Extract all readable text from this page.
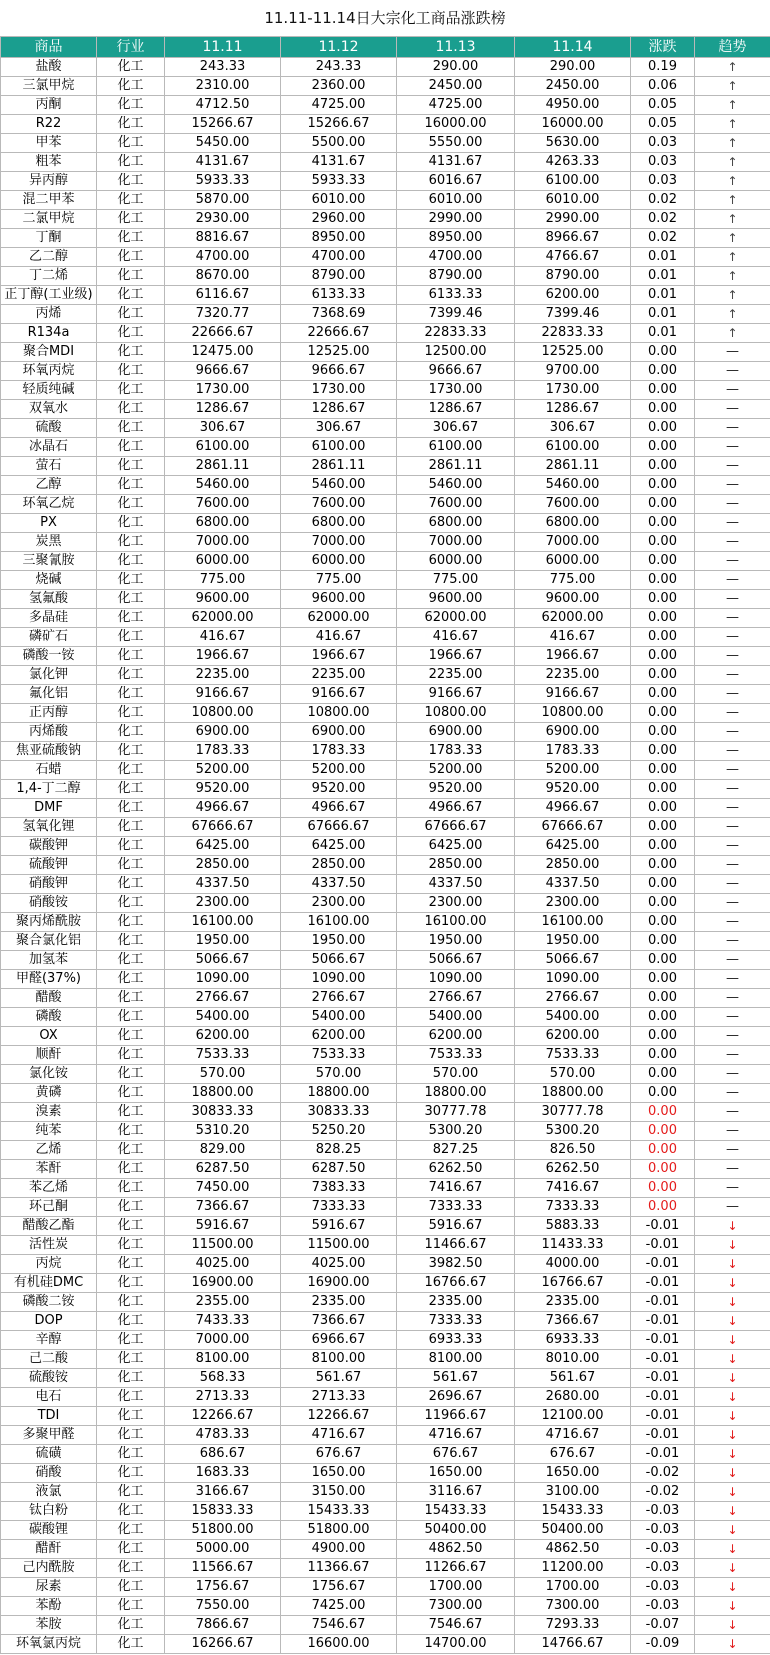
11.11-11.14日大宗化工商品涨跌榜
商品	行业	11.11	11.12	11.13	11.14	涨跌	趋势
盐酸	化工	243.33	243.33	290.00	290.00	0.19	↑
三氯甲烷	化工	2310.00	2360.00	2450.00	2450.00	0.06	↑
丙酮	化工	4712.50	4725.00	4725.00	4950.00	0.05	↑
R22	化工	15266.67	15266.67	16000.00	16000.00	0.05	↑
甲苯	化工	5450.00	5500.00	5550.00	5630.00	0.03	↑
粗苯	化工	4131.67	4131.67	4131.67	4263.33	0.03	↑
异丙醇	化工	5933.33	5933.33	6016.67	6100.00	0.03	↑
混二甲苯	化工	5870.00	6010.00	6010.00	6010.00	0.02	↑
二氯甲烷	化工	2930.00	2960.00	2990.00	2990.00	0.02	↑
丁酮	化工	8816.67	8950.00	8950.00	8966.67	0.02	↑
乙二醇	化工	4700.00	4700.00	4700.00	4766.67	0.01	↑
丁二烯	化工	8670.00	8790.00	8790.00	8790.00	0.01	↑
正丁醇(工业级)	化工	6116.67	6133.33	6133.33	6200.00	0.01	↑
丙烯	化工	7320.77	7368.69	7399.46	7399.46	0.01	↑
R134a	化工	22666.67	22666.67	22833.33	22833.33	0.01	↑
聚合MDI	化工	12475.00	12525.00	12500.00	12525.00	0.00	—
环氧丙烷	化工	9666.67	9666.67	9666.67	9700.00	0.00	—
轻质纯碱	化工	1730.00	1730.00	1730.00	1730.00	0.00	—
双氧水	化工	1286.67	1286.67	1286.67	1286.67	0.00	—
硫酸	化工	306.67	306.67	306.67	306.67	0.00	—
冰晶石	化工	6100.00	6100.00	6100.00	6100.00	0.00	—
萤石	化工	2861.11	2861.11	2861.11	2861.11	0.00	—
乙醇	化工	5460.00	5460.00	5460.00	5460.00	0.00	—
环氧乙烷	化工	7600.00	7600.00	7600.00	7600.00	0.00	—
PX	化工	6800.00	6800.00	6800.00	6800.00	0.00	—
炭黑	化工	7000.00	7000.00	7000.00	7000.00	0.00	—
三聚氰胺	化工	6000.00	6000.00	6000.00	6000.00	0.00	—
烧碱	化工	775.00	775.00	775.00	775.00	0.00	—
氢氟酸	化工	9600.00	9600.00	9600.00	9600.00	0.00	—
多晶硅	化工	62000.00	62000.00	62000.00	62000.00	0.00	—
磷矿石	化工	416.67	416.67	416.67	416.67	0.00	—
磷酸一铵	化工	1966.67	1966.67	1966.67	1966.67	0.00	—
氯化钾	化工	2235.00	2235.00	2235.00	2235.00	0.00	—
氟化铝	化工	9166.67	9166.67	9166.67	9166.67	0.00	—
正丙醇	化工	10800.00	10800.00	10800.00	10800.00	0.00	—
丙烯酸	化工	6900.00	6900.00	6900.00	6900.00	0.00	—
焦亚硫酸钠	化工	1783.33	1783.33	1783.33	1783.33	0.00	—
石蜡	化工	5200.00	5200.00	5200.00	5200.00	0.00	—
1,4-丁二醇	化工	9520.00	9520.00	9520.00	9520.00	0.00	—
DMF	化工	4966.67	4966.67	4966.67	4966.67	0.00	—
氢氧化锂	化工	67666.67	67666.67	67666.67	67666.67	0.00	—
碳酸钾	化工	6425.00	6425.00	6425.00	6425.00	0.00	—
硫酸钾	化工	2850.00	2850.00	2850.00	2850.00	0.00	—
硝酸钾	化工	4337.50	4337.50	4337.50	4337.50	0.00	—
硝酸铵	化工	2300.00	2300.00	2300.00	2300.00	0.00	—
聚丙烯酰胺	化工	16100.00	16100.00	16100.00	16100.00	0.00	—
聚合氯化铝	化工	1950.00	1950.00	1950.00	1950.00	0.00	—
加氢苯	化工	5066.67	5066.67	5066.67	5066.67	0.00	—
甲醛(37%)	化工	1090.00	1090.00	1090.00	1090.00	0.00	—
醋酸	化工	2766.67	2766.67	2766.67	2766.67	0.00	—
磷酸	化工	5400.00	5400.00	5400.00	5400.00	0.00	—
OX	化工	6200.00	6200.00	6200.00	6200.00	0.00	—
顺酐	化工	7533.33	7533.33	7533.33	7533.33	0.00	—
氯化铵	化工	570.00	570.00	570.00	570.00	0.00	—
黄磷	化工	18800.00	18800.00	18800.00	18800.00	0.00	—
溴素	化工	30833.33	30833.33	30777.78	30777.78	0.00	—
纯苯	化工	5310.20	5250.20	5300.20	5300.20	0.00	—
乙烯	化工	829.00	828.25	827.25	826.50	0.00	—
苯酐	化工	6287.50	6287.50	6262.50	6262.50	0.00	—
苯乙烯	化工	7450.00	7383.33	7416.67	7416.67	0.00	—
环己酮	化工	7366.67	7333.33	7333.33	7333.33	0.00	—
醋酸乙酯	化工	5916.67	5916.67	5916.67	5883.33	-0.01	↓
活性炭	化工	11500.00	11500.00	11466.67	11433.33	-0.01	↓
丙烷	化工	4025.00	4025.00	3982.50	4000.00	-0.01	↓
有机硅DMC	化工	16900.00	16900.00	16766.67	16766.67	-0.01	↓
磷酸二铵	化工	2355.00	2335.00	2335.00	2335.00	-0.01	↓
DOP	化工	7433.33	7366.67	7333.33	7366.67	-0.01	↓
辛醇	化工	7000.00	6966.67	6933.33	6933.33	-0.01	↓
己二酸	化工	8100.00	8100.00	8100.00	8010.00	-0.01	↓
硫酸铵	化工	568.33	561.67	561.67	561.67	-0.01	↓
电石	化工	2713.33	2713.33	2696.67	2680.00	-0.01	↓
TDI	化工	12266.67	12266.67	11966.67	12100.00	-0.01	↓
多聚甲醛	化工	4783.33	4716.67	4716.67	4716.67	-0.01	↓
硫磺	化工	686.67	676.67	676.67	676.67	-0.01	↓
硝酸	化工	1683.33	1650.00	1650.00	1650.00	-0.02	↓
液氯	化工	3166.67	3150.00	3116.67	3100.00	-0.02	↓
钛白粉	化工	15833.33	15433.33	15433.33	15433.33	-0.03	↓
碳酸锂	化工	51800.00	51800.00	50400.00	50400.00	-0.03	↓
醋酐	化工	5000.00	4900.00	4862.50	4862.50	-0.03	↓
己内酰胺	化工	11566.67	11366.67	11266.67	11200.00	-0.03	↓
尿素	化工	1756.67	1756.67	1700.00	1700.00	-0.03	↓
苯酚	化工	7550.00	7425.00	7300.00	7300.00	-0.03	↓
苯胺	化工	7866.67	7546.67	7546.67	7293.33	-0.07	↓
环氧氯丙烷	化工	16266.67	16600.00	14700.00	14766.67	-0.09	↓
